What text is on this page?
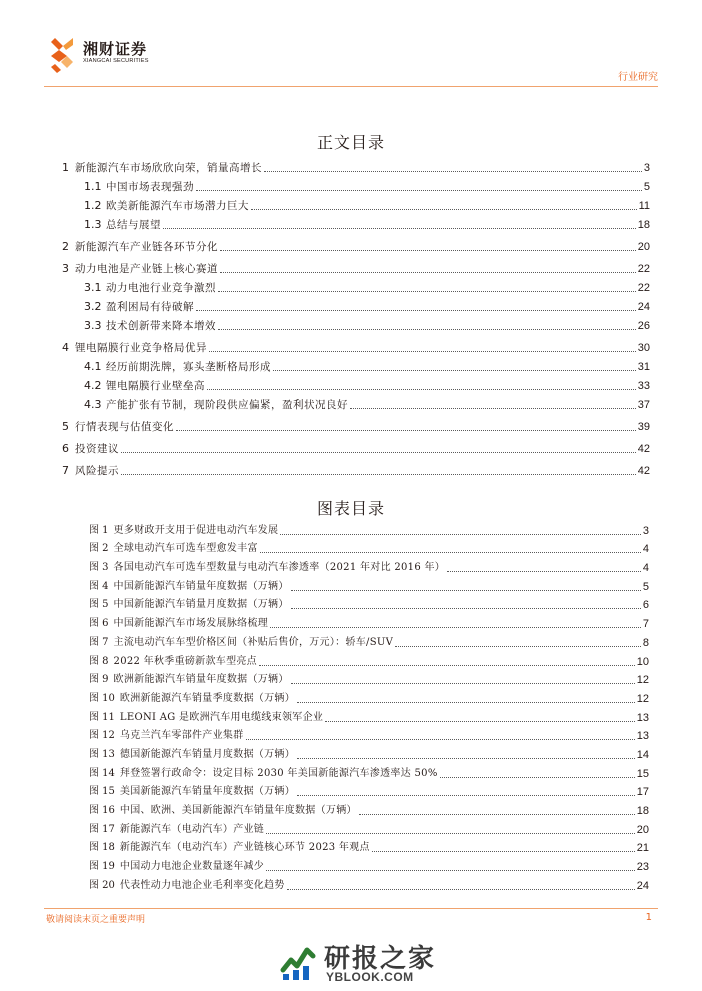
湘财证券
XIANGCAI SECURITIES
行业研究
正文目录
1 新能源汽车市场欣欣向荣，销量高增长	3
1.1 中国市场表现强劲	5
1.2 欧美新能源汽车市场潜力巨大	11
1.3 总结与展望	18
2 新能源汽车产业链各环节分化	20
3 动力电池是产业链上核心赛道	22
3.1 动力电池行业竞争激烈	22
3.2 盈利困局有待破解	24
3.3 技术创新带来降本增效	26
4 锂电隔膜行业竞争格局优异	30
4.1 经历前期洗牌，寡头垄断格局形成	31
4.2 锂电隔膜行业壁垒高	33
4.3 产能扩张有节制，现阶段供应偏紧，盈利状况良好	37
5 行情表现与估值变化	39
6 投资建议	42
7 风险提示	42
图表目录
图 1 更多财政开支用于促进电动汽车发展	3
图 2 全球电动汽车可选车型愈发丰富	4
图 3 各国电动汽车可选车型数量与电动汽车渗透率（2021 年对比 2016 年）	4
图 4 中国新能源汽车销量年度数据（万辆）	5
图 5 中国新能源汽车销量月度数据（万辆）	6
图 6 中国新能源汽车市场发展脉络梳理	7
图 7 主流电动汽车车型价格区间（补贴后售价，万元）：轿车/SUV	8
图 8 2022 年秋季重磅新款车型亮点	10
图 9 欧洲新能源汽车销量年度数据（万辆）	12
图 10 欧洲新能源汽车销量季度数据（万辆）	12
图 11 LEONI AG 是欧洲汽车用电缆线束领军企业	13
图 12 乌克兰汽车零部件产业集群	13
图 13 德国新能源汽车销量月度数据（万辆）	14
图 14 拜登签署行政命令：设定目标 2030 年美国新能源汽车渗透率达 50%	15
图 15 美国新能源汽车销量年度数据（万辆）	17
图 16 中国、欧洲、美国新能源汽车销量年度数据（万辆）	18
图 17 新能源汽车（电动汽车）产业链	20
图 18 新能源汽车（电动汽车）产业链核心环节 2023 年观点	21
图 19 中国动力电池企业数量逐年减少	23
图 20 代表性动力电池企业毛利率变化趋势	24
敬请阅读末页之重要声明	1
研报之家
YBLOOK.COM
